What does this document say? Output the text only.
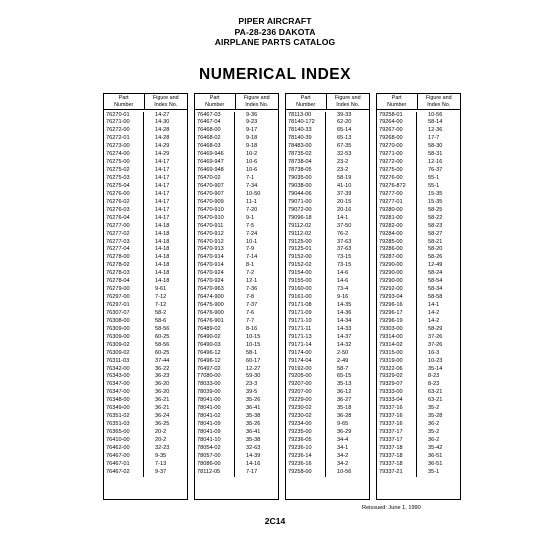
PIPER AIRCRAFT
PA-28-236 DAKOTA
AIRPLANE PARTS CATALOG
NUMERICAL INDEX
Part
Number
Figure and
Index No.
76270-01	14-27
76271-00	14-30
76272-00	14-28
76272-01	14-28
76273-00	14-29
76274-00	14-29
76275-00	14-17
76275-02	14-17
76275-03	14-17
76275-04	14-17
76276-00	14-17
76276-02	14-17
76276-03	14-17
76276-04	14-17
76277-00	14-18
76277-02	14-18
76277-03	14-18
76277-04	14-18
76278-00	14-18
76278-02	14-18
76278-03	14-18
76278-04	14-18
76279-00	9-61
76297-00	7-12
76297-01	7-12
76307-07	58-2
76308-00	58-6
76309-00	58-56
76309-00	60-25
76309-02	58-56
76309-02	60-25
76311-03	37-44
76342-00	36-22
76343-00	36-23
76347-00	36-20
76347-00	36-20
76348-00	36-21
76349-00	36-21
76351-02	36-24
76351-03	36-25
76365-00	20-2
76410-00	20-2
76462-00	32-23
76467-00	9-35
76467-01	7-13
76467-02	9-37
Part
Number
Figure and
Index No.
76467-03	9-36
76467-04	9-23
76468-00	9-17
76468-02	9-18
76468-03	9-18
76469-946	10-2
76469-947	10-6
76469-948	10-6
76470-02	7-1
76470-907	7-34
76470-907	10-50
76470-909	11-1
76470-910	7-20
76470-910	9-1
76470-911	7-5
76470-912	7-24
76470-912	10-1
76470-913	7-9
76470-914	7-14
76470-914	8-1
76470-924	7-2
76470-924	12-1
76470-963	7-36
76474-900	7-8
76475-900	7-37
76476-900	7-6
76476-901	7-7
76489-02	8-16
76490-02	10-15
76490-03	10-15
76496-12	58-1
76496-12	60-17
76497-02	12-27
77080-00	59-30
78033-00	23-3
78039-00	39-5
78041-00	35-26
78041-00	36-41
78041-02	35-38
78041-09	35-26
78041-09	36-41
78041-10	35-38
78054-02	32-63
78057-00	14-39
78086-00	14-16
78112-05	7-17
Part
Number
Figure and
Index No.
78113-00	39-33
78140-172	62-20
78140-33	65-14
78140-39	65-13
78483-00	67-35
78735-02	32-53
78738-04	23-2
78738-05	23-2
79035-00	58-19
79038-00	41-10
79044-06	37-39
79071-00	20-15
79072-00	20-16
79096-18	14-1
79112-02	37-50
79112-02	76-2
79125-00	37-63
79125-01	37-63
79152-00	73-15
79152-02	73-15
79154-00	14-6
79155-00	14-6
79160-00	73-4
79161-00	9-16
79171-08	14-35
79171-09	14-36
79171-10	14-34
79171-11	14-33
79171-13	14-37
79171-14	14-32
79174-00	2-50
79174-04	2-49
79192-00	58-7
79205-00	65-15
79207-00	35-13
79207-00	36-12
79229-00	36-27
79230-02	35-18
79230-02	36-28
79234-00	9-65
79235-00	36-29
79236-05	34-4
79236-10	34-1
79236-14	34-2
79236-16	34-2
79258-00	10-56
Part
Number
Figure and
Index No.
79258-01	10-56
79264-00	58-14
79267-00	12-36
79268-00	17-7
79270-00	58-30
79271-00	58-31
79272-00	12-16
79275-00	76-37
79276-00	55-1
79276-872	55-1
79277-00	15-35
79277-01	15-35
79280-00	58-25
79281-00	58-22
79282-00	58-23
79284-00	58-27
79285-00	58-21
79286-00	58-20
79287-00	58-26
79290-00	12-49
79290-00	58-24
79290-00	58-54
79292-00	58-34
79293-04	58-58
79296-16	14-1
79296-17	14-2
79296-19	14-2
79303-00	58-29
79314-00	37-26
79314-02	37-26
79315-00	16-3
79319-00	10-23
79322-06	35-14
79329-02	8-23
79329-07	8-23
79333-00	63-21
79333-04	63-21
79337-16	35-2
79337-16	35-28
79337-16	36-2
79337-17	35-2
79337-17	36-2
79337-18	35-42
79337-18	36-51
79337-18	36-51
79337-21	35-1
Reissued: June 1, 1990
2C14
